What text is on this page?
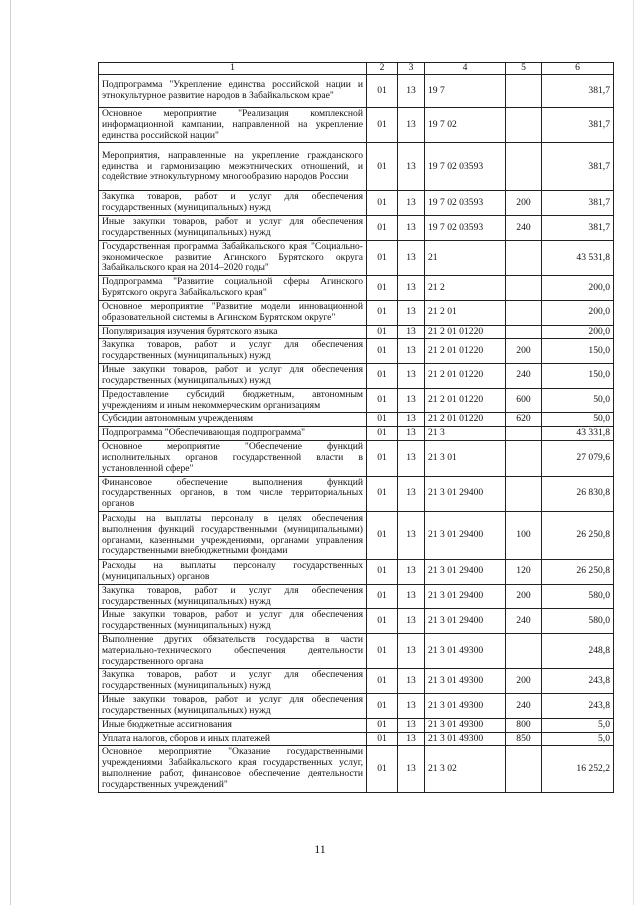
1	2	3	4	5	6
Подпрограмма "Укрепление единства российской нации и этнокультурное развитие народов в Забайкальском крае"	01	13	19 7		381,7
Основное мероприятие "Реализация комплексной информационной кампании, направленной на укрепление единства российской нации"	01	13	19 7 02		381,7
Мероприятия, направленные на укрепление гражданского единства и гармонизацию межэтнических отношений, и содействие этнокультурному многообразию народов России	01	13	19 7 02 03593		381,7
Закупка товаров, работ и услуг для обеспечения государственных (муниципальных) нужд	01	13	19 7 02 03593	200	381,7
Иные закупки товаров, работ и услуг для обеспечения государственных (муниципальных) нужд	01	13	19 7 02 03593	240	381,7
Государственная программа Забайкальского края "Социально-экономическое развитие Агинского Бурятского округа Забайкальского края на 2014–2020 годы"	01	13	21		43 531,8
Подпрограмма "Развитие социальной сферы Агинского Бурятского округа Забайкальского края"	01	13	21 2		200,0
Основное мероприятие "Развитие модели инновационной образовательной системы в Агинском Бурятском округе"	01	13	21 2 01		200,0
Популяризация изучения бурятского языка	01	13	21 2 01 01220		200,0
Закупка товаров, работ и услуг для обеспечения государственных (муниципальных) нужд	01	13	21 2 01 01220	200	150,0
Иные закупки товаров, работ и услуг для обеспечения государственных (муниципальных) нужд	01	13	21 2 01 01220	240	150,0
Предоставление субсидий бюджетным, автономным учреждениям и иным некоммерческим организациям	01	13	21 2 01 01220	600	50,0
Субсидии автономным учреждениям	01	13	21 2 01 01220	620	50,0
Подпрограмма "Обеспечивающая подпрограмма"	01	13	21 3		43 331,8
Основное мероприятие "Обеспечение функций исполнительных органов государственной власти в установленной сфере"	01	13	21 3 01		27 079,6
Финансовое обеспечение выполнения функций государственных органов, в том числе территориальных органов	01	13	21 3 01 29400		26 830,8
Расходы на выплаты персоналу в целях обеспечения выполнения функций государственными (муниципальными) органами, казенными учреждениями, органами управления государственными внебюджетными фондами	01	13	21 3 01 29400	100	26 250,8
Расходы на выплаты персоналу государственных (муниципальных) органов	01	13	21 3 01 29400	120	26 250,8
Закупка товаров, работ и услуг для обеспечения государственных (муниципальных) нужд	01	13	21 3 01 29400	200	580,0
Иные закупки товаров, работ и услуг для обеспечения государственных (муниципальных) нужд	01	13	21 3 01 29400	240	580,0
Выполнение других обязательств государства в части материально-технического обеспечения деятельности государственного органа	01	13	21 3 01 49300		248,8
Закупка товаров, работ и услуг для обеспечения государственных (муниципальных) нужд	01	13	21 3 01 49300	200	243,8
Иные закупки товаров, работ и услуг для обеспечения государственных (муниципальных) нужд	01	13	21 3 01 49300	240	243,8
Иные бюджетные ассигнования	01	13	21 3 01 49300	800	5,0
Уплата налогов, сборов и иных платежей	01	13	21 3 01 49300	850	5,0
Основное мероприятие "Оказание государственными учреждениями Забайкальского края государственных услуг, выполнение работ, финансовое обеспечение деятельности государственных учреждений"	01	13	21 3 02		16 252,2
11
